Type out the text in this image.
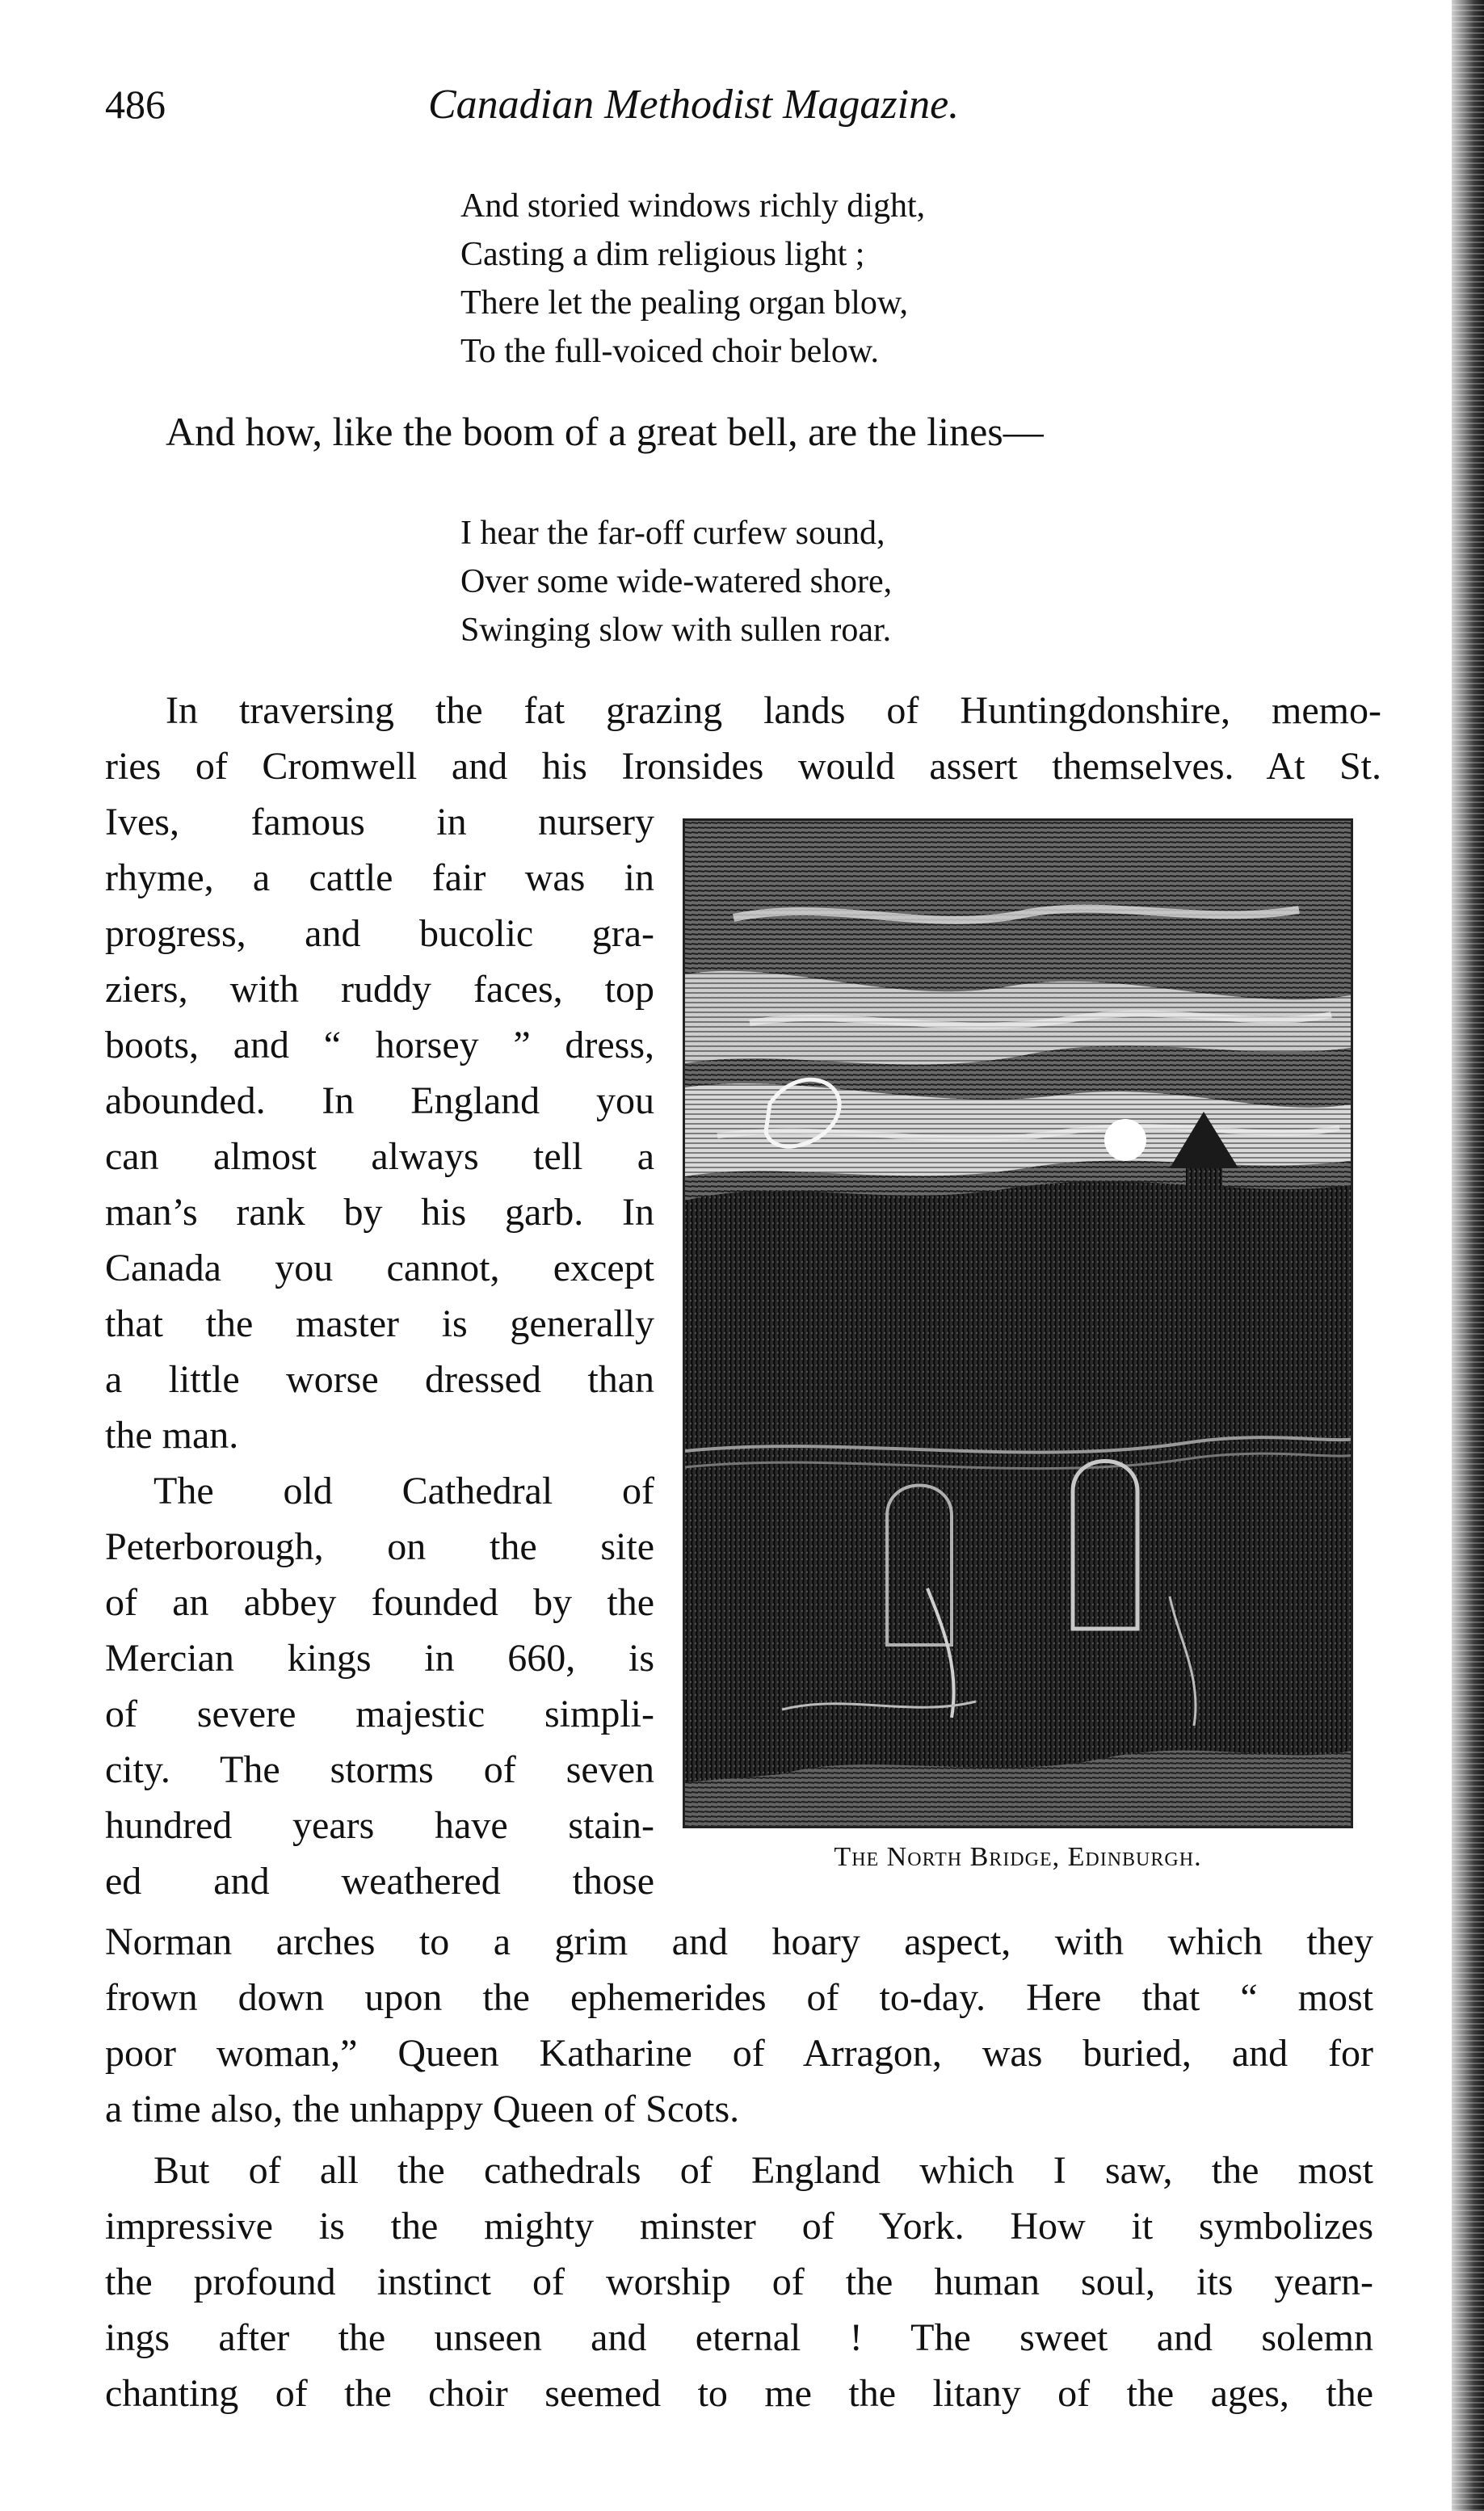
486	Canadian Methodist Magazine.
And storied windows richly dight,
Casting a dim religious light ;
There let the pealing organ blow,
To the full-voiced choir below.
And how, like the boom of a great bell, are the lines—
I hear the far-off curfew sound,
Over some wide-watered shore,
Swinging slow with sullen roar.
In traversing the fat grazing lands of Huntingdonshire, memo-
ries of Cromwell and his Ironsides would assert themselves. At St.
Ives, famous in nursery
rhyme, a cattle fair was in
progress, and bucolic gra-
ziers, with ruddy faces, top
boots, and “ horsey ” dress,
abounded. In England you
can almost always tell a
man’s rank by his garb. In
Canada you cannot, except
that the master is generally
a little worse dressed than
the man.
The old Cathedral of
Peterborough, on the site
of an abbey founded by the
Mercian kings in 660, is
of severe majestic simpli-
city. The storms of seven
hundred years have stain-
ed and weathered those
The North Bridge, Edinburgh.
Norman arches to a grim and hoary aspect, with which they
frown down upon the ephemerides of to-day. Here that “ most
poor woman,” Queen Katharine of Arragon, was buried, and for
a time also, the unhappy Queen of Scots.
But of all the cathedrals of England which I saw, the most
impressive is the mighty minster of York. How it symbolizes
the profound instinct of worship of the human soul, its yearn-
ings after the unseen and eternal ! The sweet and solemn
chanting of the choir seemed to me the litany of the ages, the
